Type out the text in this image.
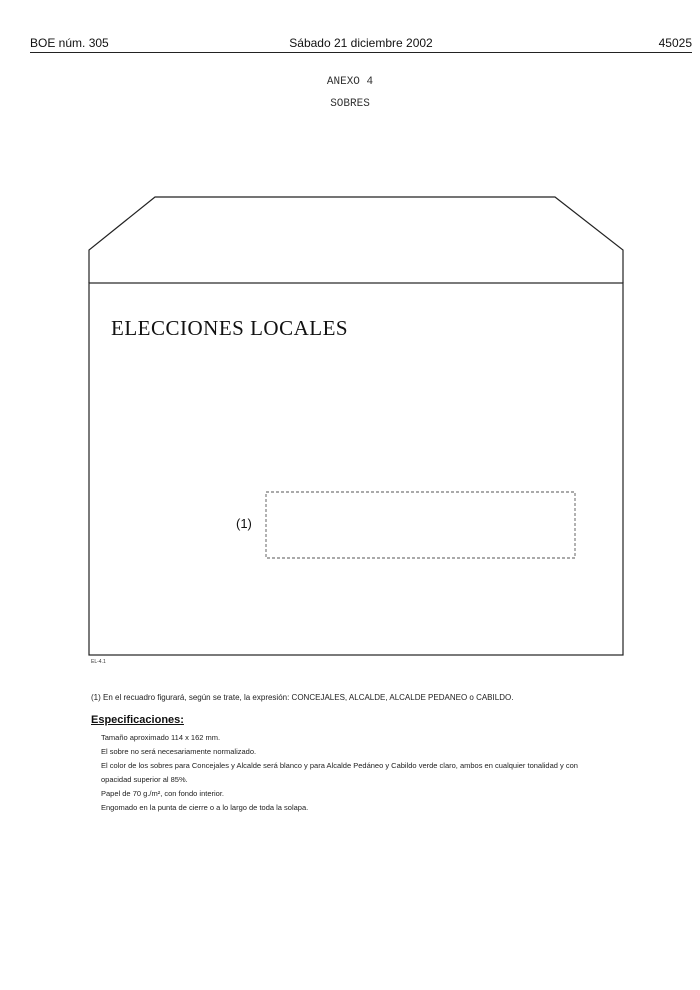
BOE núm. 305	Sábado 21 diciembre 2002	45025
ANEXO 4
SOBRES
ELECCIONES LOCALES
(1)
EL-4.1
(1) En el recuadro figurará, según se trate, la expresión: CONCEJALES, ALCALDE, ALCALDE PEDANEO o CABILDO.
Especificaciones:
Tamaño aproximado 114 x 162 mm.
El sobre no será necesariamente normalizado.
El color de los sobres para Concejales y Alcalde será blanco y para Alcalde Pedáneo y Cabildo verde claro, ambos en cualquier tonalidad y con
opacidad superior al 85%.
Papel de 70 g./m², con fondo interior.
Engomado en la punta de cierre o a lo largo de toda la solapa.
